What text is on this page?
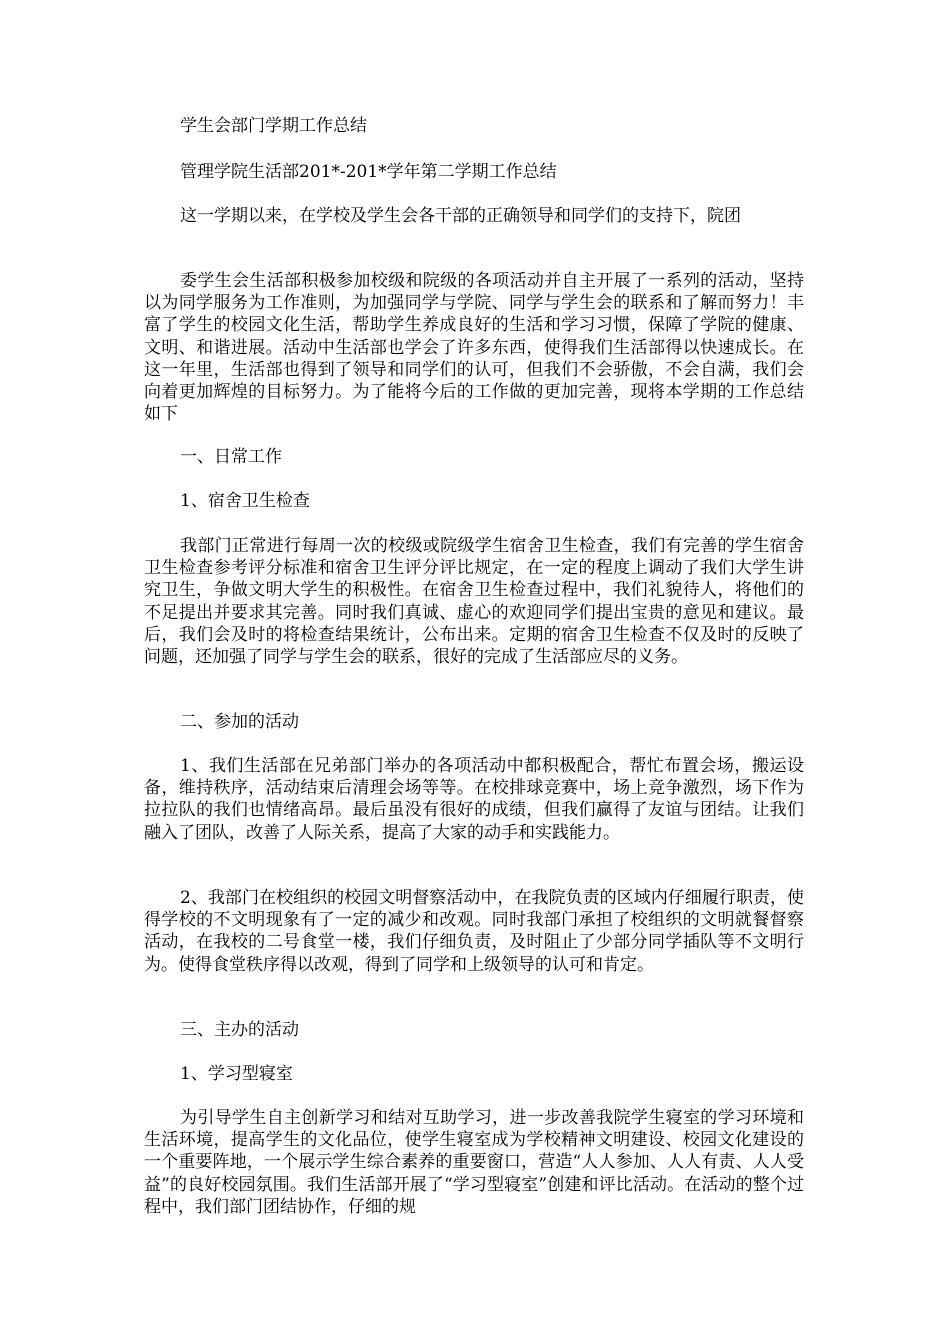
学生会部门学期工作总结

管理学院生活部201*-201*学年第二学期工作总结

这一学期以来，在学校及学生会各干部的正确领导和同学们的支持下，院团

委学生会生活部积极参加校级和院级的各项活动并自主开展了一系列的活动，坚持以为同学服务为工作准则，为加强同学与学院、同学与学生会的联系和了解而努力！丰富了学生的校园文化生活，帮助学生养成良好的生活和学习习惯，保障了学院的健康、文明、和谐进展。活动中生活部也学会了许多东西，使得我们生活部得以快速成长。在这一年里，生活部也得到了领导和同学们的认可，但我们不会骄傲，不会自满，我们会向着更加辉煌的目标努力。为了能将今后的工作做的更加完善，现将本学期的工作总结如下

一、日常工作

1、宿舍卫生检查

我部门正常进行每周一次的校级或院级学生宿舍卫生检查，我们有完善的学生宿舍卫生检查参考评分标准和宿舍卫生评分评比规定，在一定的程度上调动了我们大学生讲究卫生，争做文明大学生的积极性。在宿舍卫生检查过程中，我们礼貌待人，将他们的不足提出并要求其完善。同时我们真诚、虚心的欢迎同学们提出宝贵的意见和建议。最后，我们会及时的将检查结果统计，公布出来。定期的宿舍卫生检查不仅及时的反映了问题，还加强了同学与学生会的联系，很好的完成了生活部应尽的义务。

二、参加的活动

1、我们生活部在兄弟部门举办的各项活动中都积极配合，帮忙布置会场，搬运设备，维持秩序，活动结束后清理会场等等。在校排球竞赛中，场上竞争激烈，场下作为拉拉队的我们也情绪高昂。最后虽没有很好的成绩，但我们赢得了友谊与团结。让我们融入了团队，改善了人际关系，提高了大家的动手和实践能力。

2、我部门在校组织的校园文明督察活动中，在我院负责的区域内仔细履行职责，使得学校的不文明现象有了一定的减少和改观。同时我部门承担了校组织的文明就餐督察活动，在我校的二号食堂一楼，我们仔细负责，及时阻止了少部分同学插队等不文明行为。使得食堂秩序得以改观，得到了同学和上级领导的认可和肯定。

三、主办的活动

1、学习型寝室

为引导学生自主创新学习和结对互助学习，进一步改善我院学生寝室的学习环境和生活环境，提高学生的文化品位，使学生寝室成为学校精神文明建设、校园文化建设的一个重要阵地，一个展示学生综合素养的重要窗口，营造“人人参加、人人有责、人人受益”的良好校园氛围。我们生活部开展了“学习型寝室”创建和评比活动。在活动的整个过程中，我们部门团结协作，仔细的规
